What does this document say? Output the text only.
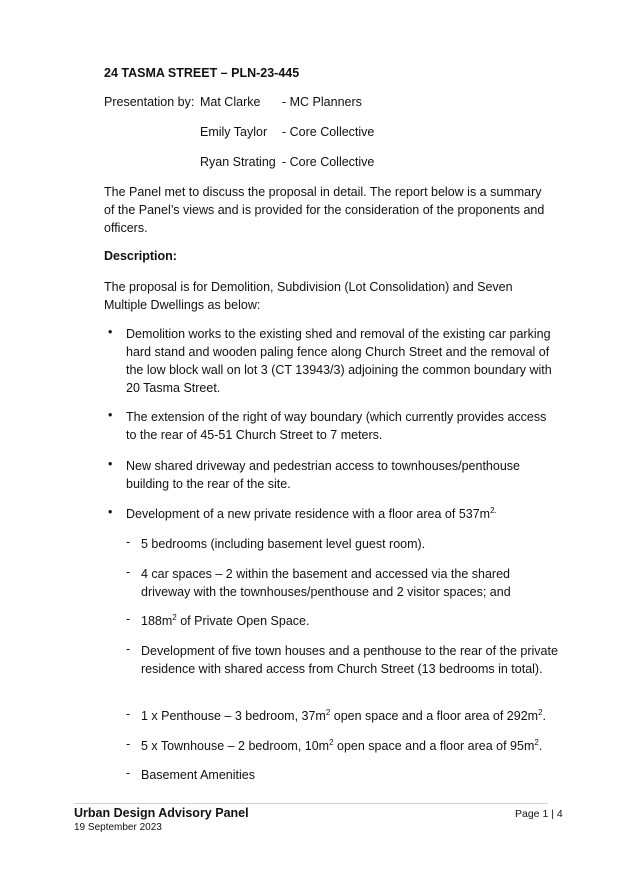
24 TASMA STREET – PLN-23-445
Presentation by: Mat Clarke - MC Planners
Emily Taylor - Core Collective
Ryan Strating - Core Collective
The Panel met to discuss the proposal in detail. The report below is a summary of the Panel’s views and is provided for the consideration of the proponents and officers.
Description:
The proposal is for Demolition, Subdivision (Lot Consolidation) and Seven Multiple Dwellings as below:
• Demolition works to the existing shed and removal of the existing car parking hard stand and wooden paling fence along Church Street and the removal of the low block wall on lot 3 (CT 13943/3) adjoining the common boundary with 20 Tasma Street.
• The extension of the right of way boundary (which currently provides access to the rear of 45-51 Church Street to 7 meters.
• New shared driveway and pedestrian access to townhouses/penthouse building to the rear of the site.
• Development of a new private residence with a floor area of $537m^{2.}$
- 5 bedrooms (including basement level guest room).
- 4 car spaces – 2 within the basement and accessed via the shared driveway with the townhouses/penthouse and 2 visitor spaces; and
- $188m^2$ of Private Open Space.
- Development of five town houses and a penthouse to the rear of the private residence with shared access from Church Street (13 bedrooms in total).
- 1 x Penthouse – 3 bedroom, $37m^2$ open space and a floor area of $292m^2$.
- 5 x Townhouse – 2 bedroom, $10m^2$ open space and a floor area of $95m^2$.
- Basement Amenities
Urban Design Advisory Panel
19 September 2023
Page 1 | 4
